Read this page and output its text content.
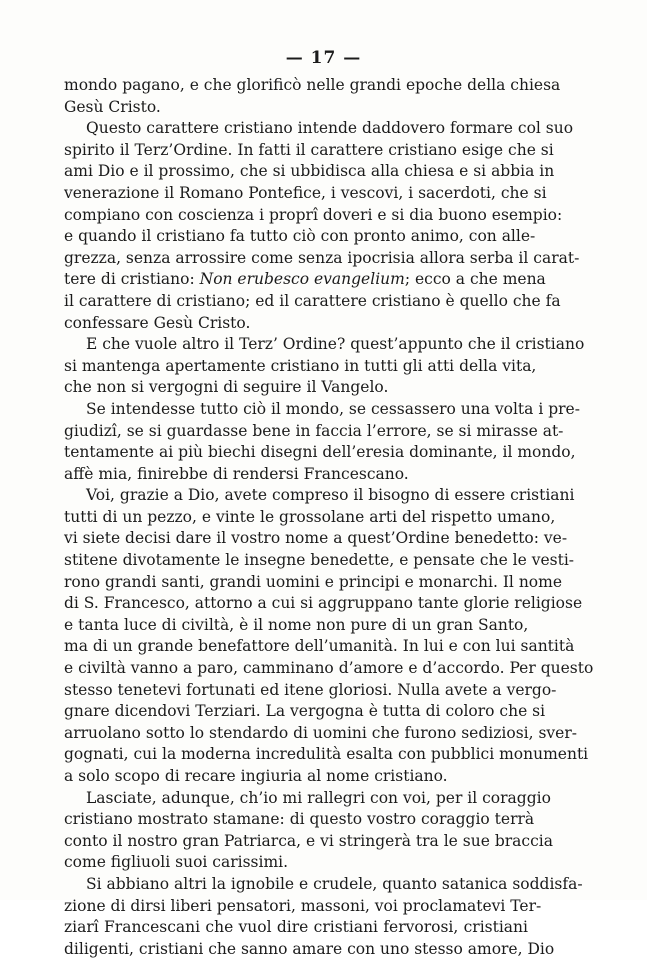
— 17 —
mondo pagano, e che glorificò nelle grandi epoche della chiesa
Gesù Cristo.
Questo carattere cristiano intende daddovero formare col suo
spirito il Terz’Ordine. In fatti il carattere cristiano esige che si
ami Dio e il prossimo, che si ubbidisca alla chiesa e si abbia in
venerazione il Romano Pontefice, i vescovi, i sacerdoti, che si
compiano con coscienza i proprî doveri e si dia buono esempio:
e quando il cristiano fa tutto ciò con pronto animo, con alle-
grezza, senza arrossire come senza ipocrisia allora serba il carat-
tere di cristiano: Non erubesco evangelium; ecco a che mena
il carattere di cristiano; ed il carattere cristiano è quello che fa
confessare Gesù Cristo.
E che vuole altro il Terz’ Ordine? quest’appunto che il cristiano
si mantenga apertamente cristiano in tutti gli atti della vita,
che non si vergogni di seguire il Vangelo.
Se intendesse tutto ciò il mondo, se cessassero una volta i pre-
giudizî, se si guardasse bene in faccia l’errore, se si mirasse at-
tentamente ai più biechi disegni dell’eresia dominante, il mondo,
affè mia, finirebbe di rendersi Francescano.
Voi, grazie a Dio, avete compreso il bisogno di essere cristiani
tutti di un pezzo, e vinte le grossolane arti del rispetto umano,
vi siete decisi dare il vostro nome a quest’Ordine benedetto: ve-
stitene divotamente le insegne benedette, e pensate che le vesti-
rono grandi santi, grandi uomini e principi e monarchi. Il nome
di S. Francesco, attorno a cui si aggruppano tante glorie religiose
e tanta luce di civiltà, è il nome non pure di un gran Santo,
ma di un grande benefattore dell’umanità. In lui e con lui santità
e civiltà vanno a paro, camminano d’amore e d’accordo. Per questo
stesso tenetevi fortunati ed itene gloriosi. Nulla avete a vergo-
gnare dicendovi Terziari. La vergogna è tutta di coloro che si
arruolano sotto lo stendardo di uomini che furono sediziosi, sver-
gognati, cui la moderna incredulità esalta con pubblici monumenti
a solo scopo di recare ingiuria al nome cristiano.
Lasciate, adunque, ch’io mi rallegri con voi, per il coraggio
cristiano mostrato stamane: di questo vostro coraggio terrà
conto il nostro gran Patriarca, e vi stringerà tra le sue braccia
come figliuoli suoi carissimi.
Si abbiano altri la ignobile e crudele, quanto satanica soddisfa-
zione di dirsi liberi pensatori, massoni, voi proclamatevi Ter-
ziarî Francescani che vuol dire cristiani fervorosi, cristiani
diligenti, cristiani che sanno amare con uno stesso amore, Dio
